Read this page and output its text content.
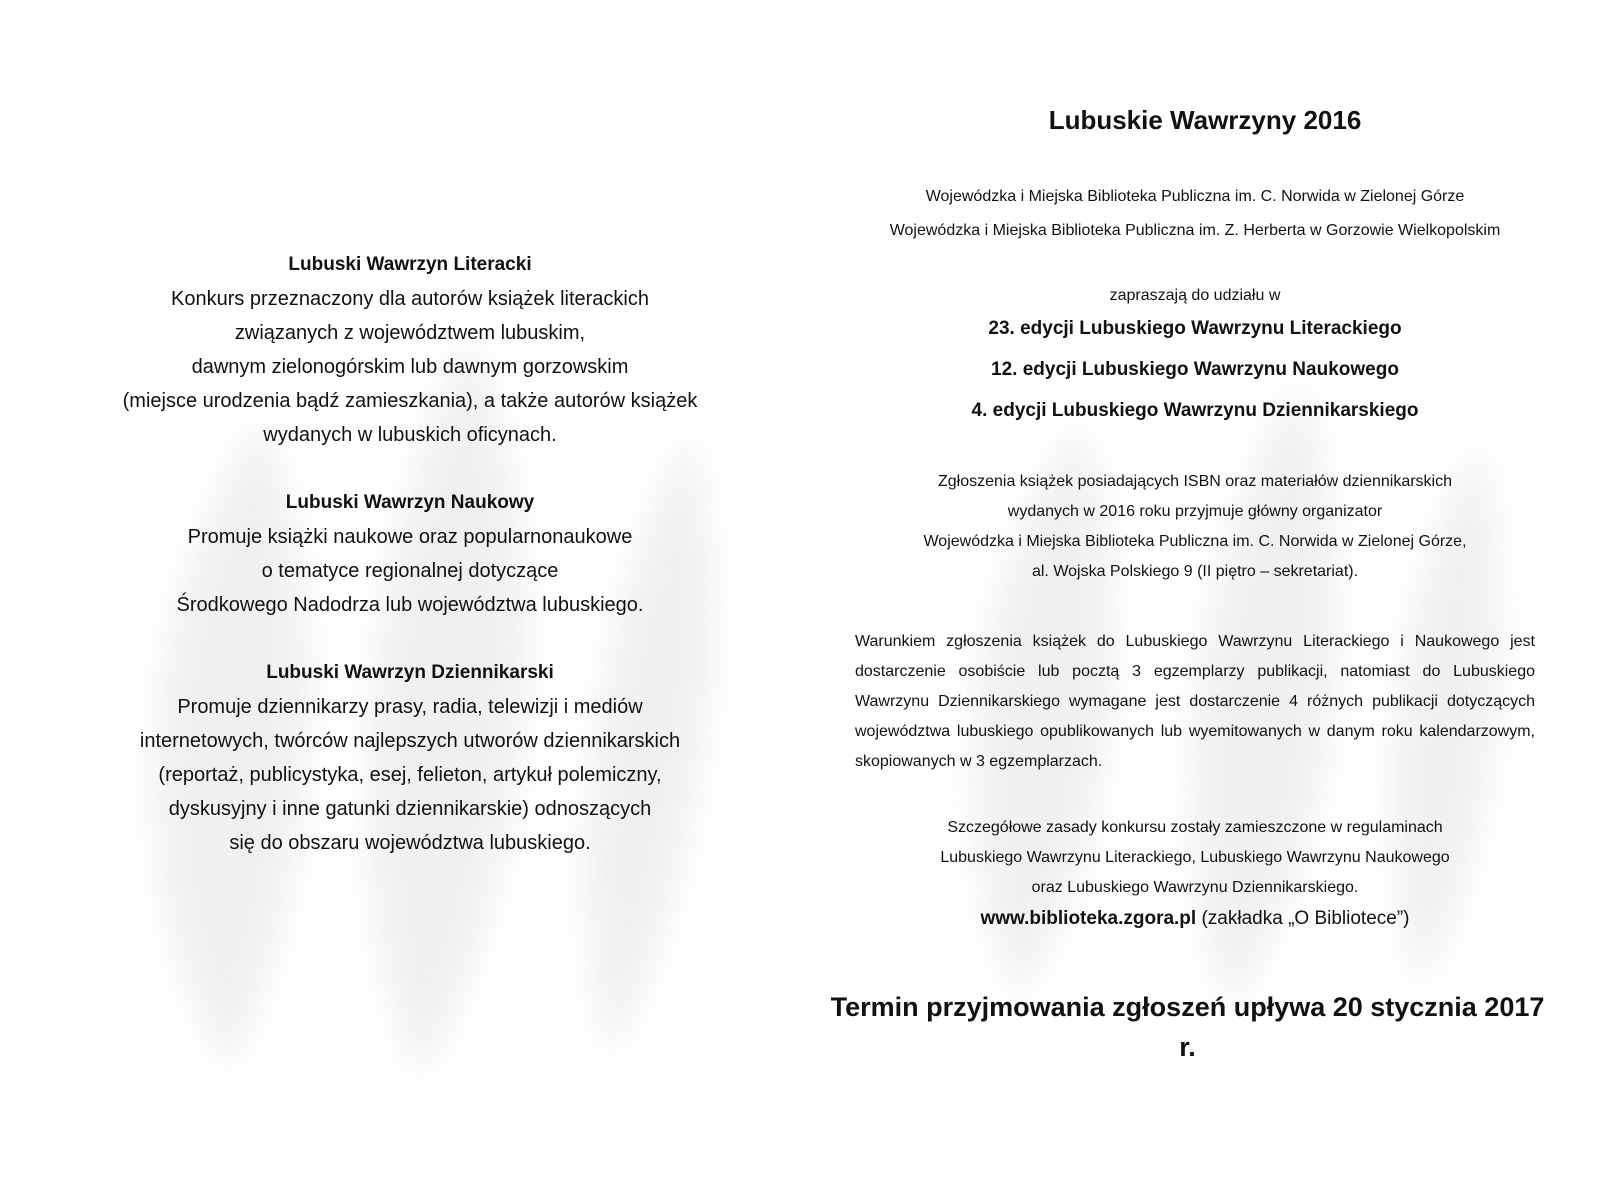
Lubuski Wawrzyn Literacki
Konkurs przeznaczony dla autorów książek literackich
związanych z województwem lubuskim,
dawnym zielonogórskim lub dawnym gorzowskim
(miejsce urodzenia bądź zamieszkania), a także autorów książek
wydanych w lubuskich oficynach.
Lubuski Wawrzyn Naukowy
Promuje książki naukowe oraz popularnonaukowe
o tematyce regionalnej dotyczące
Środkowego Nadodrza lub województwa lubuskiego.
Lubuski Wawrzyn Dziennikarski
Promuje dziennikarzy prasy, radia, telewizji i mediów
internetowych, twórców najlepszych utworów dziennikarskich
(reportaż, publicystyka, esej, felieton, artykuł polemiczny,
dyskusyjny i inne gatunki dziennikarskie) odnoszących
się do obszaru województwa lubuskiego.
Lubuskie Wawrzyny 2016
Wojewódzka i Miejska Biblioteka Publiczna im. C. Norwida w Zielonej Górze
Wojewódzka i Miejska Biblioteka Publiczna im. Z. Herberta w Gorzowie Wielkopolskim
zapraszają do udziału w
23. edycji Lubuskiego Wawrzynu Literackiego
12. edycji Lubuskiego Wawrzynu Naukowego
4. edycji Lubuskiego Wawrzynu Dziennikarskiego
Zgłoszenia książek posiadających ISBN oraz materiałów dziennikarskich
wydanych w 2016 roku przyjmuje główny organizator
Wojewódzka i Miejska Biblioteka Publiczna im. C. Norwida w Zielonej Górze,
al. Wojska Polskiego 9 (II piętro – sekretariat).
Warunkiem zgłoszenia książek do Lubuskiego Wawrzynu Literackiego i Naukowego jest dostarczenie osobiście lub pocztą 3 egzemplarzy publikacji, natomiast do Lubuskiego Wawrzynu Dziennikarskiego wymagane jest dostarczenie 4 różnych publikacji dotyczących województwa lubuskiego opublikowanych lub wyemitowanych w danym roku kalendarzowym, skopiowanych w 3 egzemplarzach.
Szczegółowe zasady konkursu zostały zamieszczone w regulaminach
Lubuskiego Wawrzynu Literackiego, Lubuskiego Wawrzynu Naukowego
oraz Lubuskiego Wawrzynu Dziennikarskiego.
www.biblioteka.zgora.pl (zakładka „O Bibliotece”)
Termin przyjmowania zgłoszeń upływa 20 stycznia 2017 r.
